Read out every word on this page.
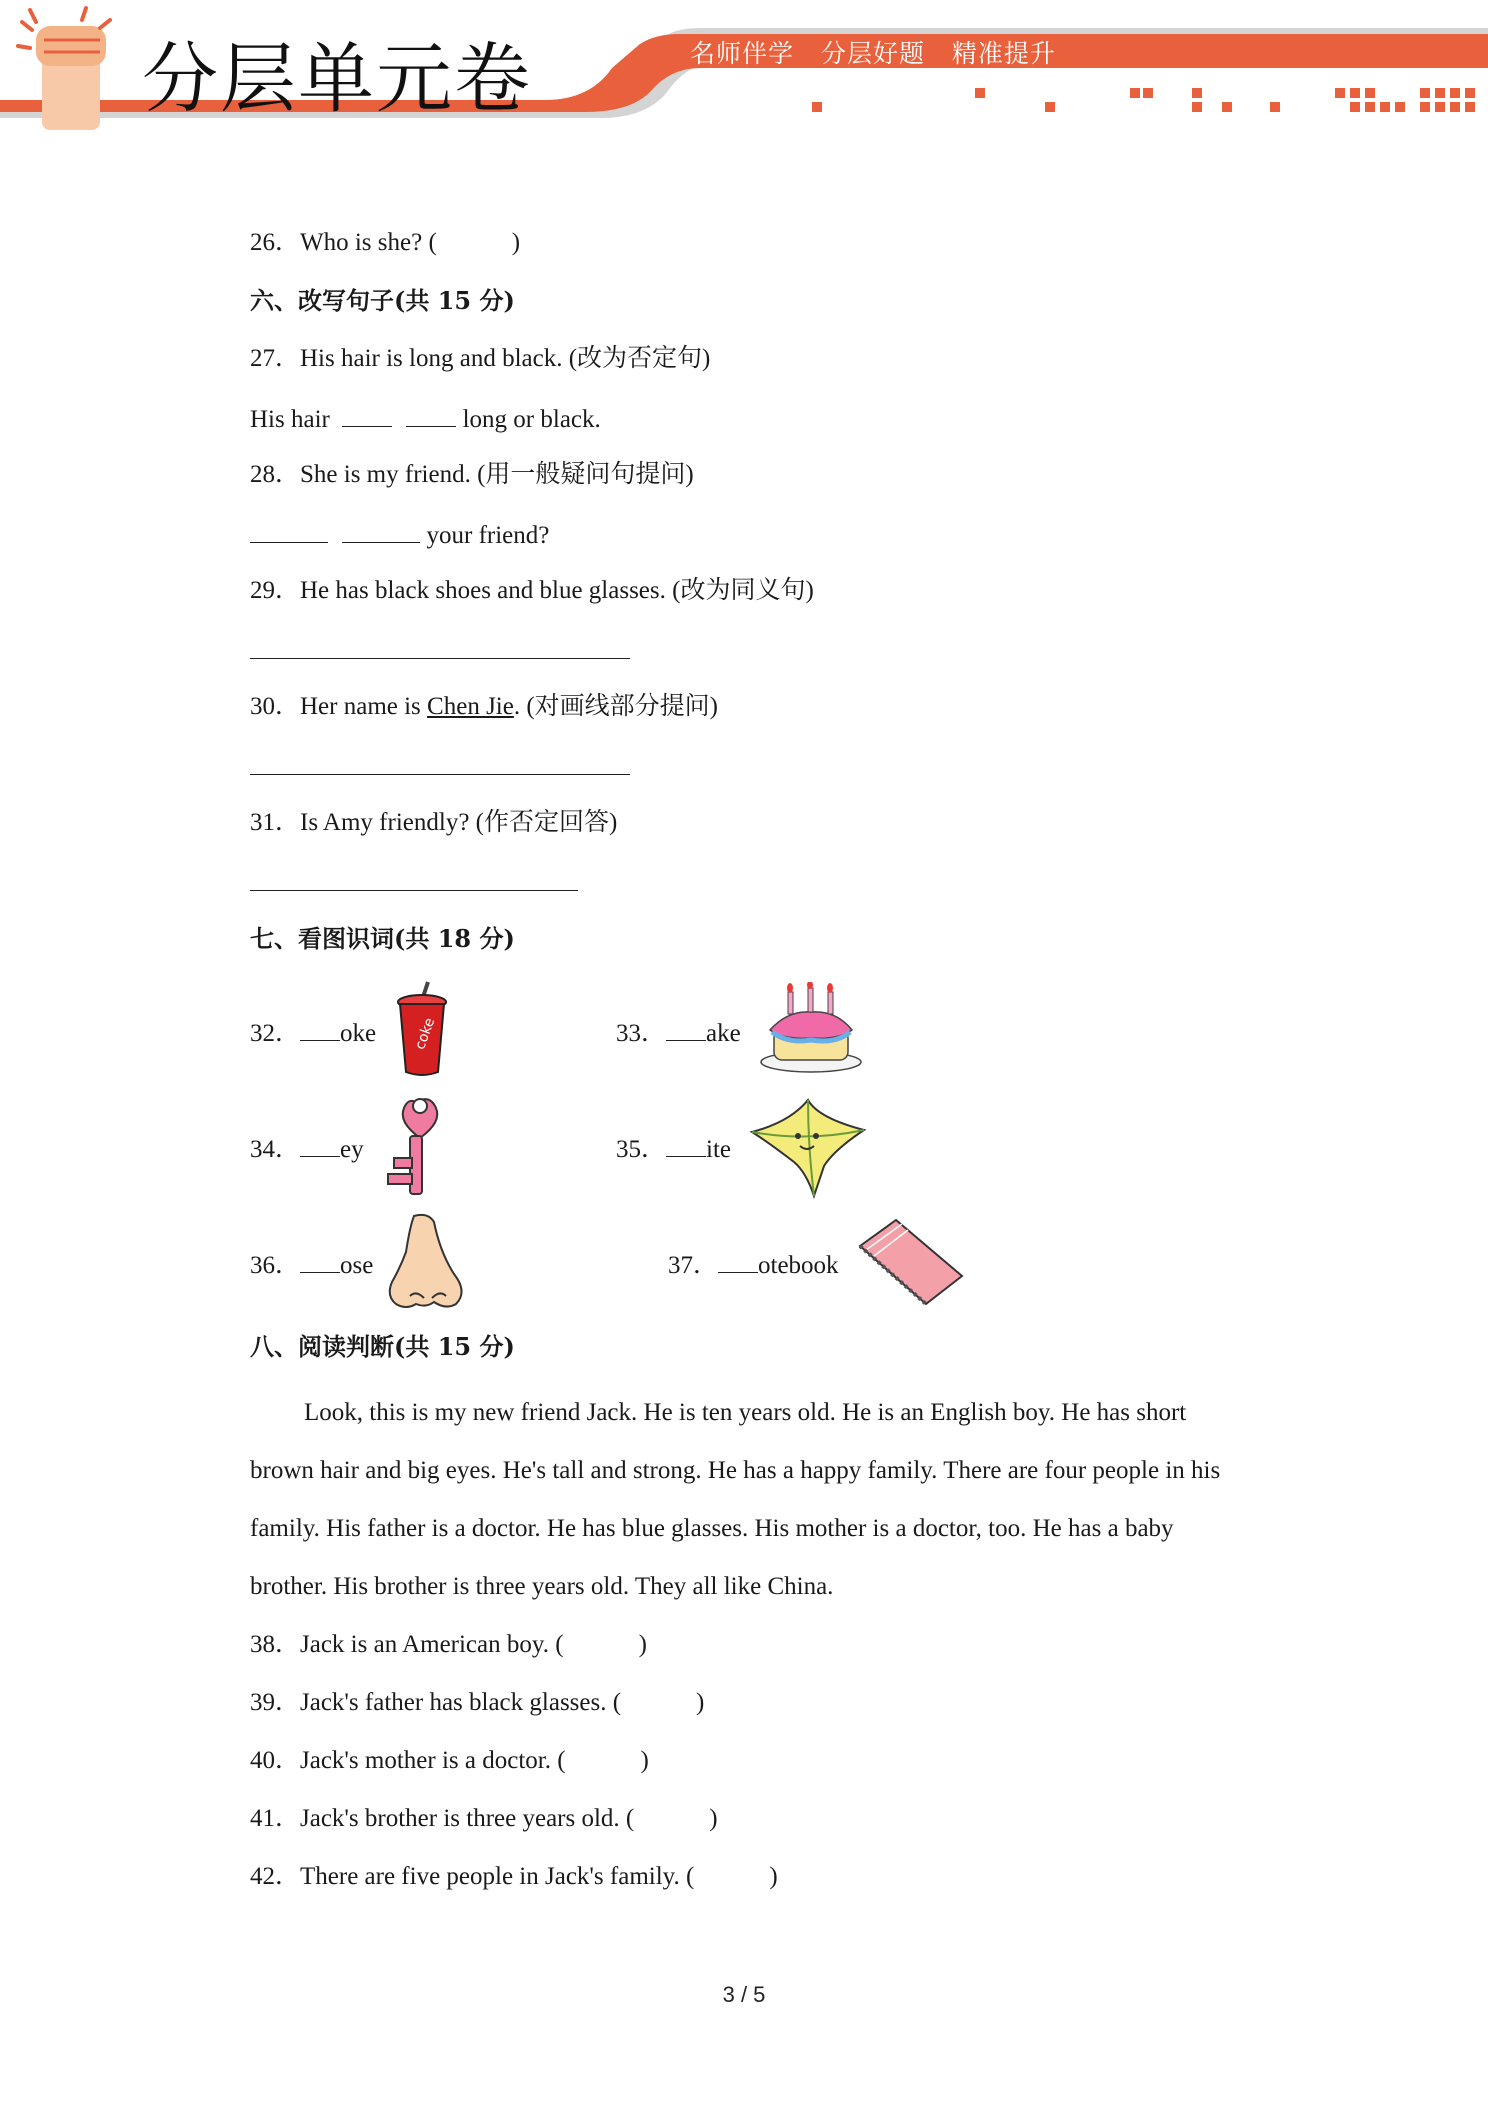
分层单元卷	名师伴学 分层好题 精准提升
26．Who is she? (　　　)
六、改写句子(共 15 分)
27．His hair is long and black. (改为否定句)
His hair	long or black.
28．She is my friend. (用一般疑问句提问)
your friend?
29．He has black shoes and blue glasses. (改为同义句)
30．Her name is Chen Jie. (对画线部分提问)
31．Is Amy friendly? (作否定回答)
七、看图识词(共 18 分)
32． oke	coke	33． ake
34． ey	35． ite
36． ose	37． otebook
八、阅读判断(共 15 分)
Look, this is my new friend Jack. He is ten years old. He is an English boy. He has short brown hair and big eyes. He's tall and strong. He has a happy family. There are four people in his family. His father is a doctor. He has blue glasses. His mother is a doctor, too. He has a baby brother. His brother is three years old. They all like China.
38．Jack is an American boy. (　　　)
39．Jack's father has black glasses. (　　　)
40．Jack's mother is a doctor. (　　　)
41．Jack's brother is three years old. (　　　)
42．There are five people in Jack's family. (　　　)
3 / 5
